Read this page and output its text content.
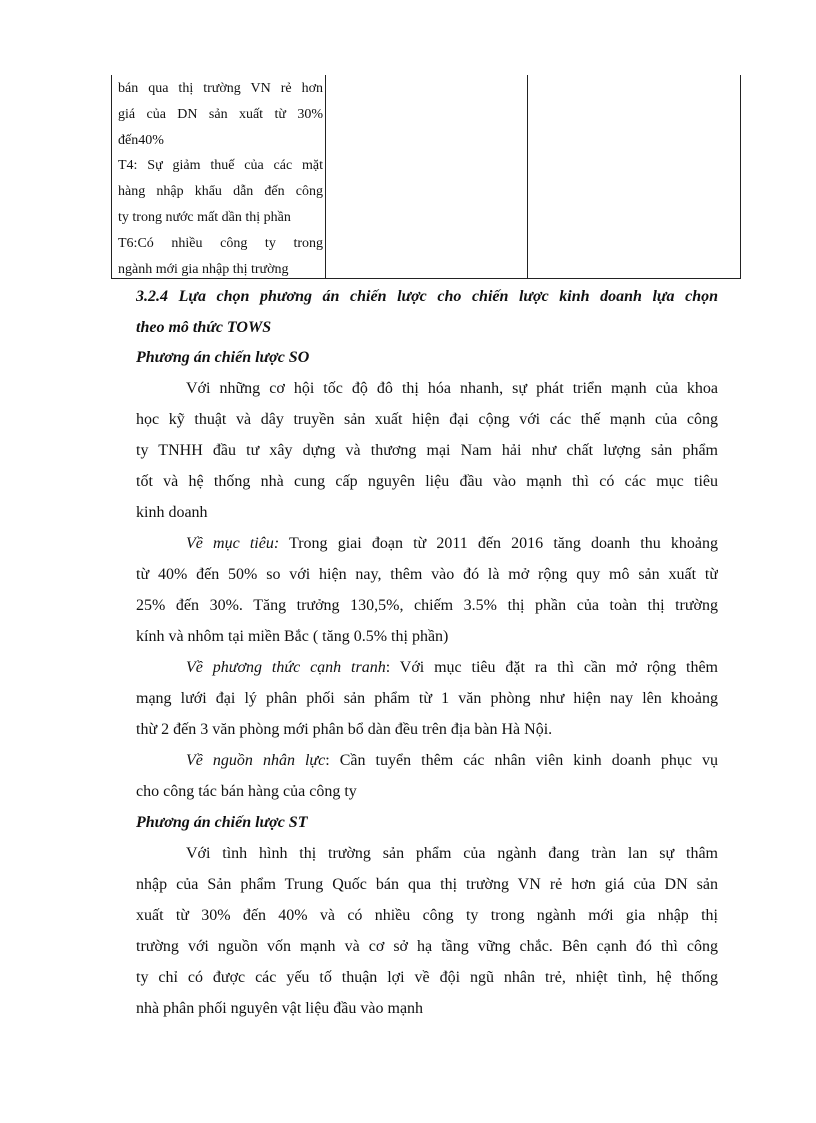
bán qua thị trường VN rẻ hơn
giá của DN sản xuất từ 30%
đến40%
T4: Sự giảm thuế của các mặt
hàng nhập khẩu dẫn đến công
ty trong nước mất dần thị phần
T6:Có nhiều công ty trong
ngành mới gia nhập thị trường
3.2.4 Lựa chọn phương án chiến lược cho chiến lược kinh doanh lựa chọn
theo mô thức TOWS
Phương án chiến lược SO
Với những cơ hội tốc độ đô thị hóa nhanh, sự phát triển mạnh của khoa
học kỹ thuật và dây truyền sản xuất hiện đại cộng với các thế mạnh của công
ty TNHH đầu tư xây dựng và thương mại Nam hải như chất lượng sản phẩm
tốt và hệ thống nhà cung cấp nguyên liệu đầu vào mạnh thì có các mục tiêu
kinh doanh
Về mục tiêu: Trong giai đoạn từ 2011 đến 2016 tăng doanh thu khoảng
từ 40% đến 50% so với hiện nay, thêm vào đó là mở rộng quy mô sản xuất từ
25% đến 30%. Tăng trưởng 130,5%, chiếm 3.5% thị phần của toàn thị trường
kính và nhôm tại miền Bắc ( tăng 0.5% thị phần)
Về phương thức cạnh tranh: Với mục tiêu đặt ra thì cần mở rộng thêm
mạng lưới đại lý phân phối sản phẩm từ 1 văn phòng như hiện nay lên khoảng
thừ 2 đến 3 văn phòng mới phân bổ dàn đều trên địa bàn Hà Nội.
Về nguồn nhân lực: Cần tuyển thêm các nhân viên kinh doanh phục vụ
cho công tác bán hàng của công ty
Phương án chiến lược ST
Với tình hình thị trường sản phẩm của ngành đang tràn lan sự thâm
nhập của Sản phẩm Trung Quốc bán qua thị trường VN rẻ hơn giá của DN sản
xuất từ 30% đến 40% và có nhiều công ty trong ngành mới gia nhập thị
trường với nguồn vốn mạnh và cơ sở hạ tầng vững chắc. Bên cạnh đó thì công
ty chỉ có được các yếu tố thuận lợi về đội ngũ nhân trẻ, nhiệt tình, hệ thống
nhà phân phối nguyên vật liệu đầu vào mạnh
